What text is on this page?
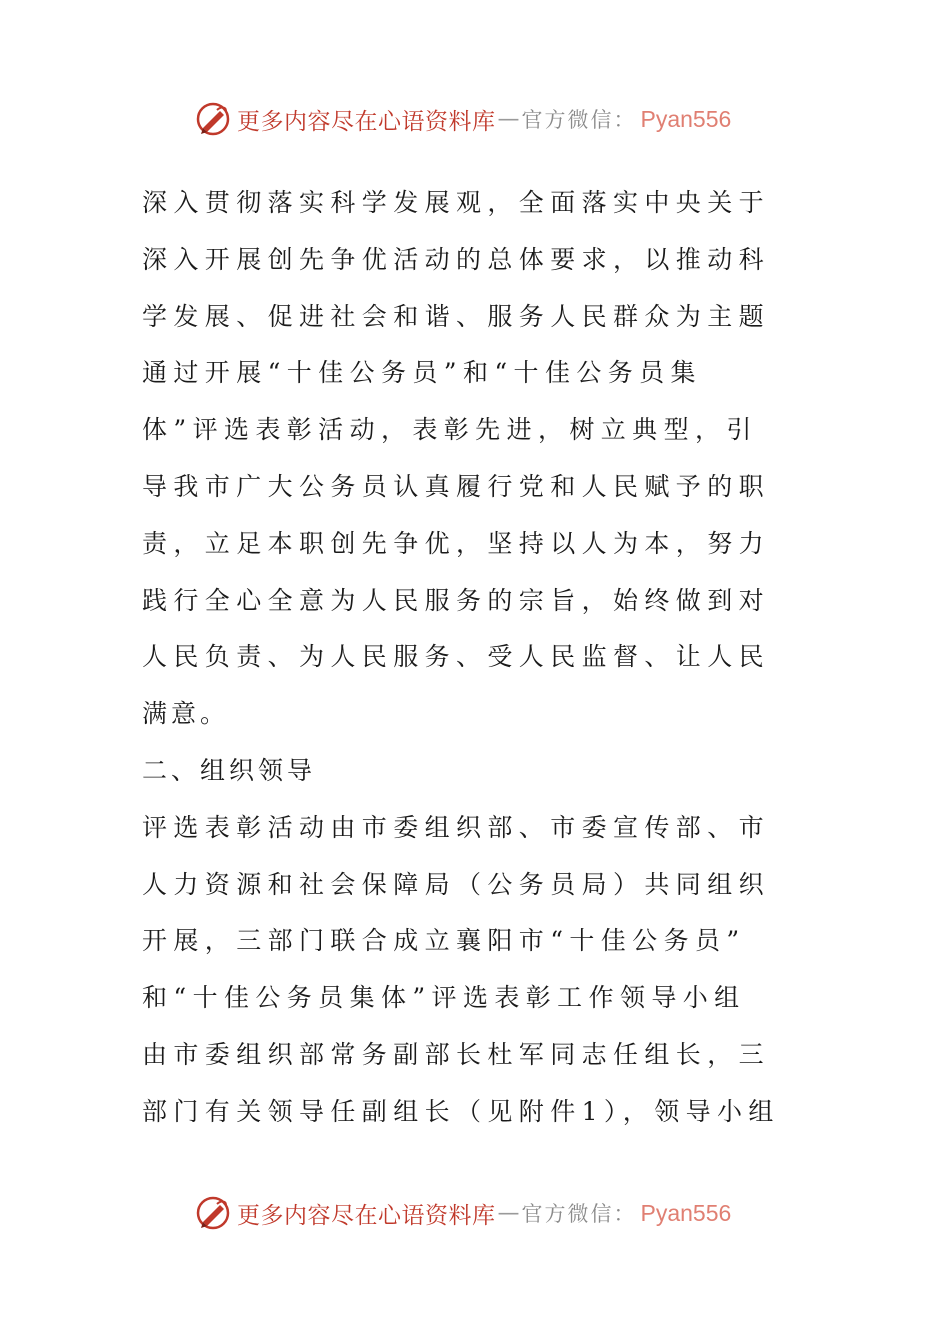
更多内容尽在心语资料库 — 官方微信： Pyan556
深入贯彻落实科学发展观，全面落实中央关于
深入开展创先争优活动的总体要求，以推动科
学发展、促进社会和谐、服务人民群众为主题
通过开展“十佳公务员”和“十佳公务员集
体”评选表彰活动，表彰先进，树立典型，引
导我市广大公务员认真履行党和人民赋予的职
责，立足本职创先争优，坚持以人为本，努力
践行全心全意为人民服务的宗旨，始终做到对
人民负责、为人民服务、受人民监督、让人民
满意。
二、组织领导
评选表彰活动由市委组织部、市委宣传部、市
人力资源和社会保障局（公务员局）共同组织
开展，三部门联合成立襄阳市“十佳公务员”
和“十佳公务员集体”评选表彰工作领导小组
由市委组织部常务副部长杜军同志任组长，三
部门有关领导任副组长（见附件1），领导小组
更多内容尽在心语资料库 — 官方微信： Pyan556
